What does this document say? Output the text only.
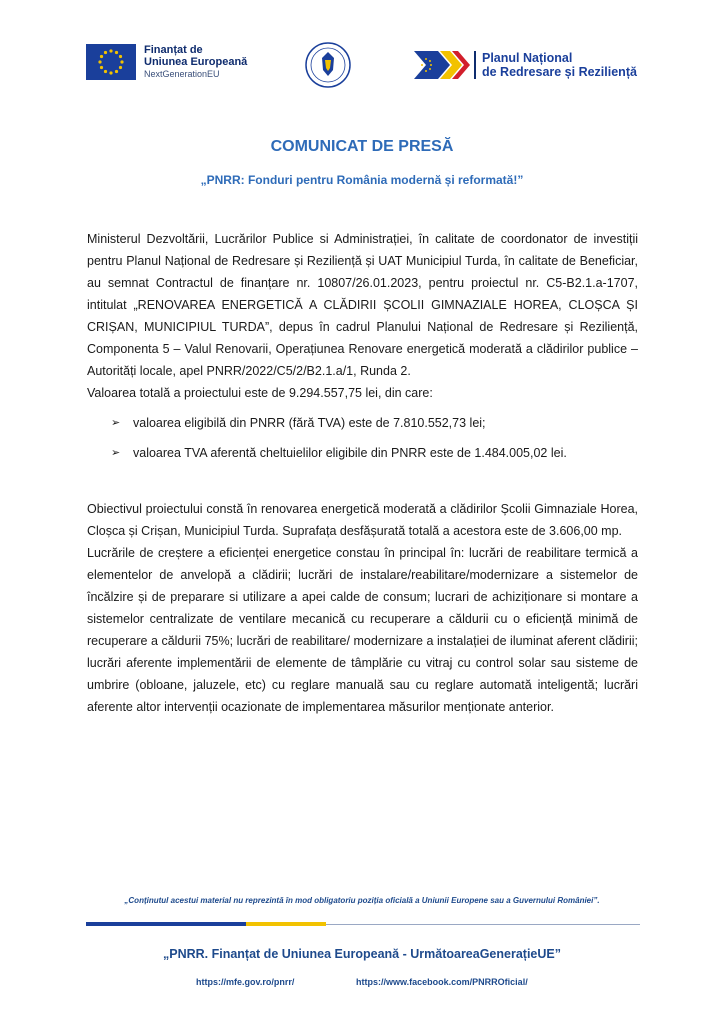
Finanțat de
Uniunea Europeană
NextGenerationEU
Planul Național
de Redresare și Reziliență
COMUNICAT DE PRESĂ
„PNRR: Fonduri pentru România modernă și reformată!”

Ministerul Dezvoltării, Lucrărilor Publice si Administrației, în calitate de coordonator de investiții pentru Planul Național de Redresare și Reziliență și UAT Municipiul Turda, în calitate de Beneficiar, au semnat Contractul de finanțare nr. 10807/26.01.2023, pentru proiectul nr. C5-B2.1.a-1707, intitulat „RENOVAREA ENERGETICĂ A CLĂDIRII ȘCOLII GIMNAZIALE HOREA, CLOȘCA ȘI CRIȘAN, MUNICIPIUL TURDA”, depus în cadrul Planului Național de Redresare și Reziliență, Componenta 5 – Valul Renovarii, Operațiunea Renovare energetică moderată a clădirilor publice – Autorități locale, apel PNRR/2022/C5/2/B2.1.a/1, Runda 2.

Valoarea totală a proiectului este de 9.294.557,75 lei, din care:

➢ valoarea eligibilă din PNRR (fără TVA) este de 7.810.552,73 lei;
➢ valoarea TVA aferentă cheltuielilor eligibile din PNRR este de 1.484.005,02 lei.

Obiectivul proiectului constă în renovarea energetică moderată a clădirilor Școlii Gimnaziale Horea, Cloșca și Crișan, Municipiul Turda. Suprafața desfășurată totală a acestora este de 3.606,00 mp.

Lucrările de creștere a eficienței energetice constau în principal în: lucrări de reabilitare termică a elementelor de anvelopă a clădirii; lucrări de instalare/reabilitare/modernizare a sistemelor de încălzire și de preparare si utilizare a apei calde de consum; lucrari de achiziționare si montare a sistemelor centralizate de ventilare mecanică cu recuperare a căldurii cu o eficiență minimă de recuperare a căldurii 75%; lucrări de reabilitare/ modernizare a instalației de iluminat aferent clădirii; lucrări aferente implementării de elemente de tâmplărie cu vitraj cu control solar sau sisteme de umbrire (obloane, jaluzele, etc) cu reglare manuală sau cu reglare automată inteligentă; lucrări aferente altor intervenții ocazionate de implementarea măsurilor menționate anterior.

„Conținutul acestui material nu reprezintă în mod obligatoriu poziția oficială a Uniunii Europene sau a Guvernului României”.
„PNRR. Finanțat de Uniunea Europeană - UrmătoareaGenerațieUE”
https://mfe.gov.ro/pnrr/	https://www.facebook.com/PNRROficial/
